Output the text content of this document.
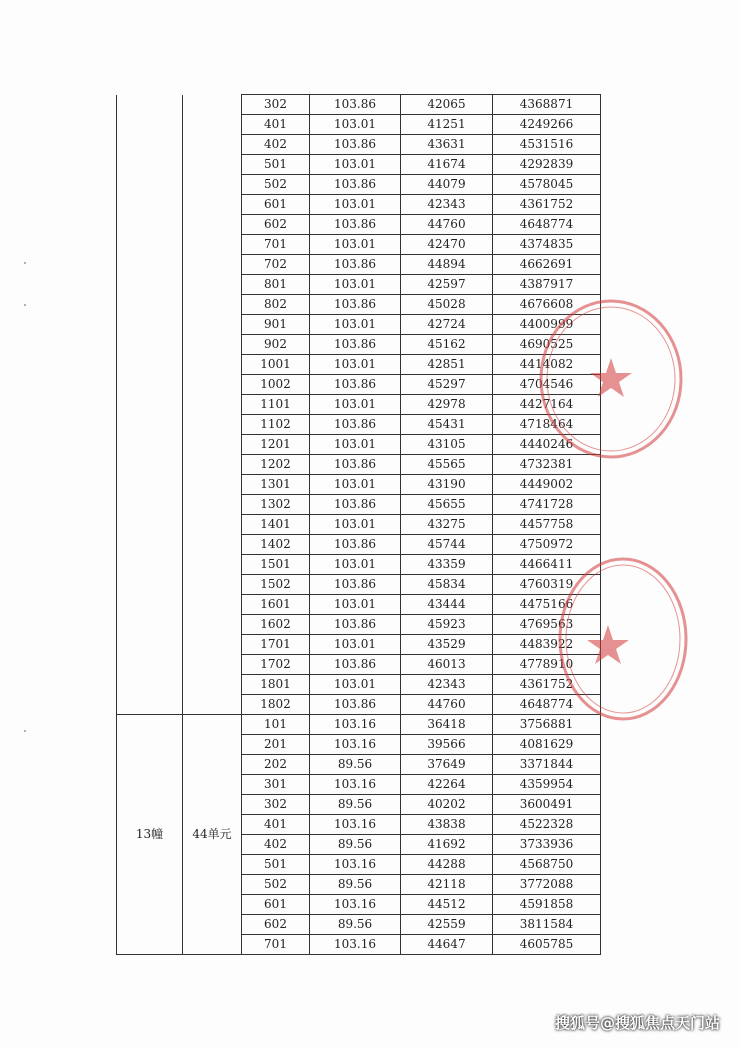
		302	103.86	42065	4368871
		401	103.01	41251	4249266
		402	103.86	43631	4531516
		501	103.01	41674	4292839
		502	103.86	44079	4578045
		601	103.01	42343	4361752
		602	103.86	44760	4648774
		701	103.01	42470	4374835
		702	103.86	44894	4662691
		801	103.01	42597	4387917
		802	103.86	45028	4676608
		901	103.01	42724	4400999
		902	103.86	45162	4690525
		1001	103.01	42851	4414082
		1002	103.86	45297	4704546
		1101	103.01	42978	4427164
		1102	103.86	45431	4718464
		1201	103.01	43105	4440246
		1202	103.86	45565	4732381
		1301	103.01	43190	4449002
		1302	103.86	45655	4741728
		1401	103.01	43275	4457758
		1402	103.86	45744	4750972
		1501	103.01	43359	4466411
		1502	103.86	45834	4760319
		1601	103.01	43444	4475166
		1602	103.86	45923	4769563
		1701	103.01	43529	4483922
		1702	103.86	46013	4778910
		1801	103.01	42343	4361752
		1802	103.86	44760	4648774
13幢	44单元	101	103.16	36418	3756881
		201	103.16	39566	4081629
		202	89.56	37649	3371844
		301	103.16	42264	4359954
		302	89.56	40202	3600491
		401	103.16	43838	4522328
		402	89.56	41692	3733936
		501	103.16	44288	4568750
		502	89.56	42118	3772088
		601	103.16	44512	4591858
		602	89.56	42559	3811584
		701	103.16	44647	4605785
搜狐号@搜狐焦点天门站
